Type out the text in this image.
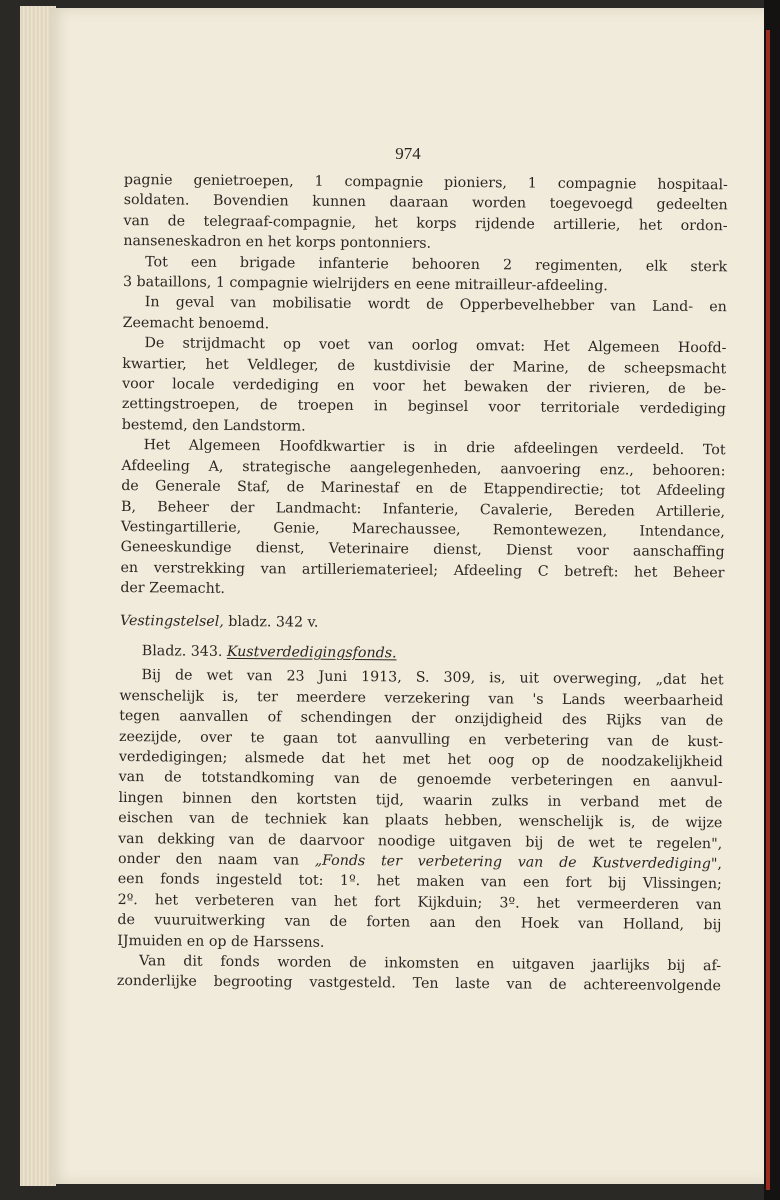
974
pagnie genietroepen, 1 compagnie pioniers, 1 compagnie hospitaal-
soldaten. Bovendien kunnen daaraan worden toegevoegd gedeelten
van de telegraaf-compagnie, het korps rijdende artillerie, het ordon-
nanseneskadron en het korps pontonniers.
Tot een brigade infanterie behooren 2 regimenten, elk sterk
3 bataillons, 1 compagnie wielrijders en eene mitrailleur-afdeeling.
In geval van mobilisatie wordt de Opperbevelhebber van Land- en
Zeemacht benoemd.
De strijdmacht op voet van oorlog omvat: Het Algemeen Hoofd-
kwartier, het Veldleger, de kustdivisie der Marine, de scheepsmacht
voor locale verdediging en voor het bewaken der rivieren, de be-
zettingstroepen, de troepen in beginsel voor territoriale verdediging
bestemd, den Landstorm.
Het Algemeen Hoofdkwartier is in drie afdeelingen verdeeld. Tot
Afdeeling A, strategische aangelegenheden, aanvoering enz., behooren:
de Generale Staf, de Marinestaf en de Etappendirectie; tot Afdeeling
B, Beheer der Landmacht: Infanterie, Cavalerie, Bereden Artillerie,
Vestingartillerie, Genie, Marechaussee, Remontewezen, Intendance,
Geneeskundige dienst, Veterinaire dienst, Dienst voor aanschaffing
en verstrekking van artilleriematerieel; Afdeeling C betreft: het Beheer
der Zeemacht.
Vestingstelsel, bladz. 342 v.
Bladz. 343. Kustverdedigingsfonds.
Bij de wet van 23 Juni 1913, S. 309, is, uit overweging, „dat het
wenschelijk is, ter meerdere verzekering van 's Lands weerbaarheid
tegen aanvallen of schendingen der onzijdigheid des Rijks van de
zeezijde, over te gaan tot aanvulling en verbetering van de kust-
verdedigingen; alsmede dat het met het oog op de noodzakelijkheid
van de totstandkoming van de genoemde verbeteringen en aanvul-
lingen binnen den kortsten tijd, waarin zulks in verband met de
eischen van de techniek kan plaats hebben, wenschelijk is, de wijze
van dekking van de daarvoor noodige uitgaven bij de wet te regelen",
onder den naam van „Fonds ter verbetering van de Kustverdediging",
een fonds ingesteld tot: 1º. het maken van een fort bij Vlissingen;
2º. het verbeteren van het fort Kijkduin; 3º. het vermeerderen van
de vuuruitwerking van de forten aan den Hoek van Holland, bij
IJmuiden en op de Harssens.
Van dit fonds worden de inkomsten en uitgaven jaarlijks bij af-
zonderlijke begrooting vastgesteld. Ten laste van de achtereenvolgende
